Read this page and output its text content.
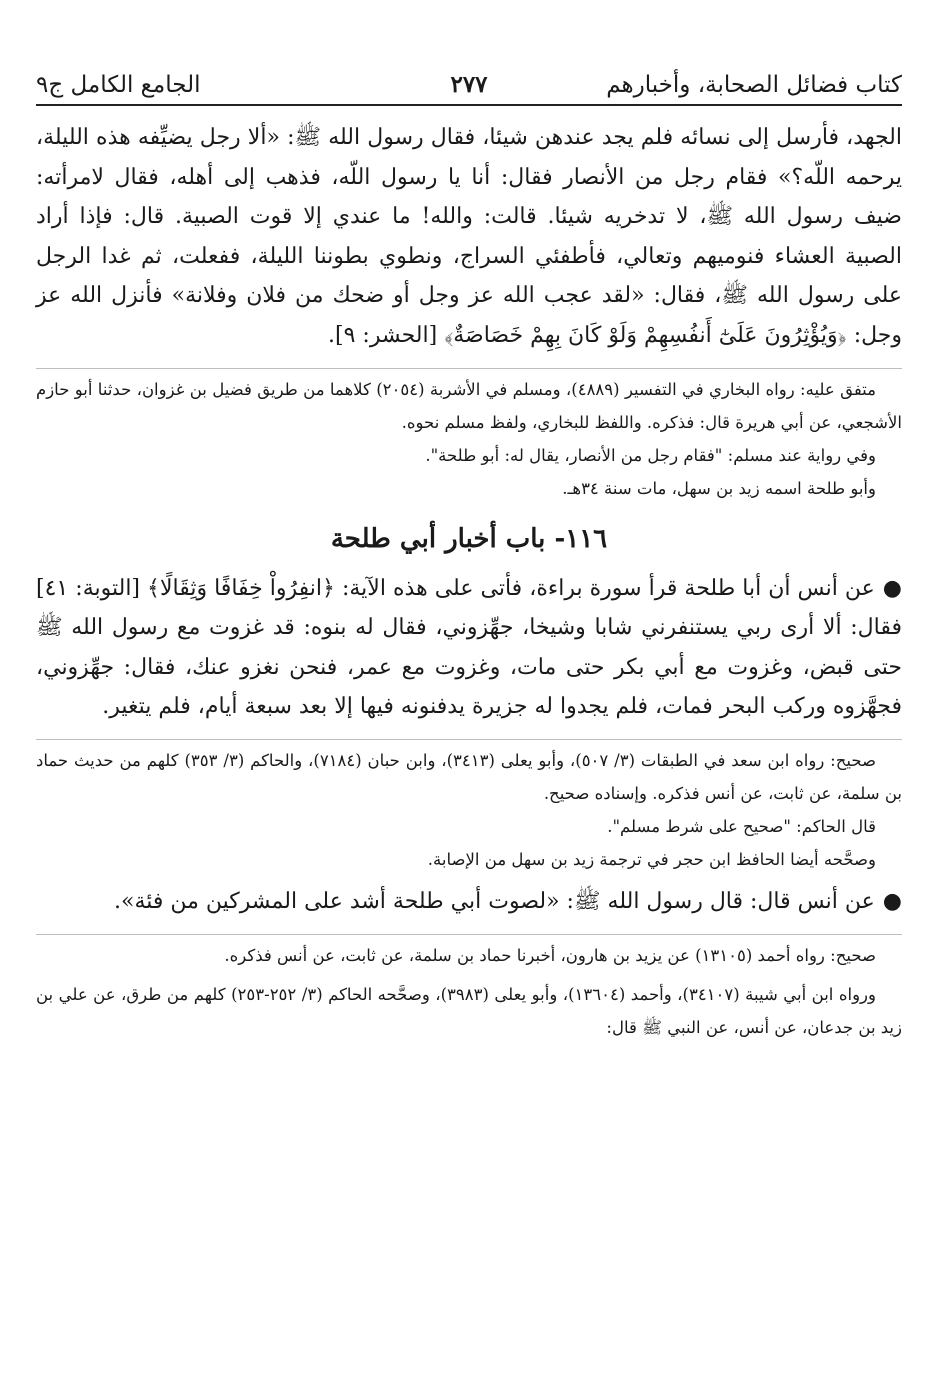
كتاب فضائل الصحابة، وأخبارهم
٢٧٧
الجامع الكامل ج٩

الجهد، فأرسل إلى نسائه فلم يجد عندهن شيئا، فقال رسول الله ﷺ: «ألا رجل يضيِّفه هذه الليلة، يرحمه اللّه؟» فقام رجل من الأنصار فقال: أنا يا رسول اللّه، فذهب إلى أهله، فقال لامرأته: ضيف رسول الله ﷺ، لا تدخريه شيئا. قالت: والله! ما عندي إلا قوت الصبية. قال: فإذا أراد الصبية العشاء فنوميهم وتعالي، فأطفئي السراج، ونطوي بطوننا الليلة، ففعلت، ثم غدا الرجل على رسول الله ﷺ، فقال: «لقد عجب الله عز وجل أو ضحك من فلان وفلانة» فأنزل الله عز وجل: ﴿وَيُؤْثِرُونَ عَلَىٰٓ أَنفُسِهِمْ وَلَوْ كَانَ بِهِمْ خَصَاصَةٌ﴾ [الحشر: ٩].

متفق عليه: رواه البخاري في التفسير (٤٨٨٩)، ومسلم في الأشربة (٢٠٥٤) كلاهما من طريق فضيل بن غزوان، حدثنا أبو حازم الأشجعي، عن أبي هريرة قال: فذكره. واللفظ للبخاري، ولفظ مسلم نحوه.

وفي رواية عند مسلم: "فقام رجل من الأنصار، يقال له: أبو طلحة".

وأبو طلحة اسمه زيد بن سهل، مات سنة ٣٤هـ.

١١٦- باب أخبار أبي طلحة

●عن أنس أن أبا طلحة قرأ سورة براءة، فأتى على هذه الآية: ﴿انفِرُواْ خِفَافًا وَثِقَالًا﴾ [التوبة: ٤١] فقال: ألا أرى ربي يستنفرني شابا وشيخا، جهِّزوني، فقال له بنوه: قد غزوت مع رسول الله ﷺ حتى قبض، وغزوت مع أبي بكر حتى مات، وغزوت مع عمر، فنحن نغزو عنك، فقال: جهِّزوني، فجهَّزوه وركب البحر فمات، فلم يجدوا له جزيرة يدفنونه فيها إلا بعد سبعة أيام، فلم يتغير.

صحيح: رواه ابن سعد في الطبقات (٣/ ٥٠٧)، وأبو يعلى (٣٤١٣)، وابن حبان (٧١٨٤)، والحاكم (٣/ ٣٥٣) كلهم من حديث حماد بن سلمة، عن ثابت، عن أنس فذكره. وإسناده صحيح.

قال الحاكم: "صحيح على شرط مسلم".

وصحَّحه أيضا الحافظ ابن حجر في ترجمة زيد بن سهل من الإصابة.

●عن أنس قال: قال رسول الله ﷺ: «لصوت أبي طلحة أشد على المشركين من فئة».

صحيح: رواه أحمد (١٣١٠٥) عن يزيد بن هارون، أخبرنا حماد بن سلمة، عن ثابت، عن أنس فذكره.

ورواه ابن أبي شيبة (٣٤١٠٧)، وأحمد (١٣٦٠٤)، وأبو يعلى (٣٩٨٣)، وصحَّحه الحاكم (٣/ ٢٥٢-٢٥٣) كلهم من طرق، عن علي بن زيد بن جدعان، عن أنس، عن النبي ﷺ قال:
